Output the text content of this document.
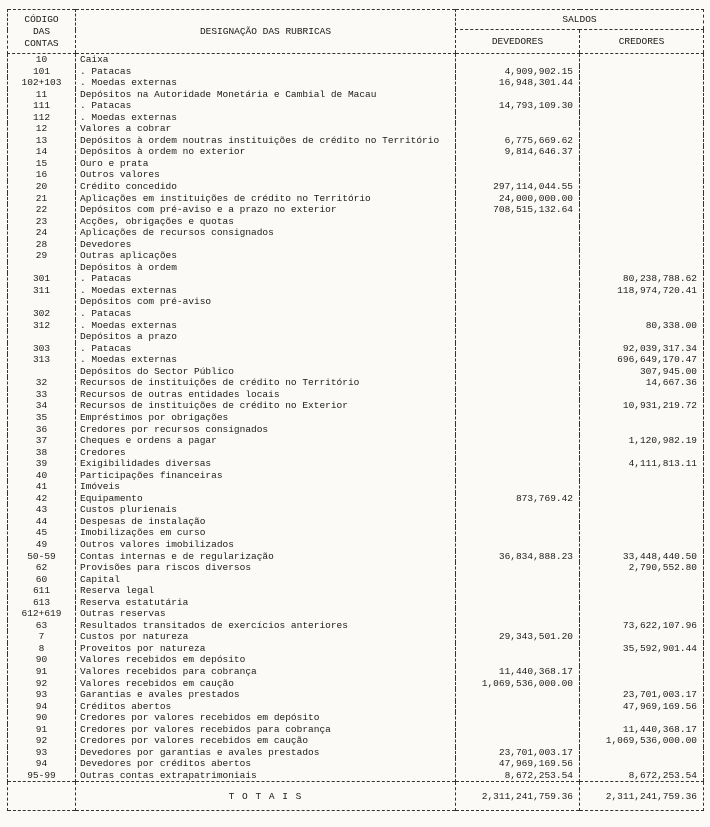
CÓDIGO
DAS
CONTAS	DESIGNAÇÃO DAS RUBRICAS	SALDOS	
		DEVEDORES	CREDORES
10	Caixa		
101	. Patacas	4,909,902.15	
102+103	. Moedas externas	16,948,301.44	
11	Depósitos na Autoridade Monetária e Cambial de Macau		
111	. Patacas	14,793,109.30	
112	. Moedas externas		
12	Valores a cobrar		
13	Depósitos à ordem noutras instituições de crédito no Território	6,775,669.62	
14	Depósitos à ordem no exterior	9,814,646.37	
15	Ouro e prata		
16	Outros valores		
20	Crédito concedido	297,114,044.55	
21	Aplicações em instituições de crédito no Território	24,000,000.00	
22	Depósitos com pré-aviso e a prazo no exterior	708,515,132.64	
23	Acções, obrigações e quotas		
24	Aplicações de recursos consignados		
28	Devedores		
29	Outras aplicações		
	Depósitos à ordem		
301	. Patacas		80,238,788.62
311	. Moedas externas		118,974,720.41
	Depósitos com pré-aviso		
302	. Patacas		
312	. Moedas externas		80,338.00
	Depósitos a prazo		
303	. Patacas		92,039,317.34
313	. Moedas externas		696,649,170.47
	Depósitos do Sector Público		307,945.00
32	Recursos de instituições de crédito no Território		14,667.36
33	Recursos de outras entidades locais		
34	Recursos de instituições de crédito no Exterior		10,931,219.72
35	Empréstimos por obrigações		
36	Credores por recursos consignados		
37	Cheques e ordens a pagar		1,120,982.19
38	Credores		
39	Exigibilidades diversas		4,111,813.11
40	Participações financeiras		
41	Imóveis		
42	Equipamento	873,769.42	
43	Custos plurienais		
44	Despesas de instalação		
45	Imobilizações em curso		
49	Outros valores imobilizados		
50-59	Contas internas e de regularização	36,834,888.23	33,448,440.50
62	Provisões para riscos diversos		2,790,552.80
60	Capital		
611	Reserva legal		
613	Reserva estatutária		
612+619	Outras reservas		
63	Resultados transitados de exercícios anteriores		73,622,107.96
7	Custos por natureza	29,343,501.20	
8	Proveitos por natureza		35,592,901.44
90	Valores recebidos em depósito		
91	Valores recebidos para cobrança	11,440,368.17	
92	Valores recebidos em caução	1,069,536,000.00	
93	Garantias e avales prestados		23,701,003.17
94	Créditos abertos		47,969,169.56
90	Credores por valores recebidos em depósito		
91	Credores por valores recebidos para cobrança		11,440,368.17
92	Credores por valores recebidos em caução		1,069,536,000.00
93	Devedores por garantias e avales prestados	23,701,003.17	
94	Devedores por créditos abertos	47,969,169.56	
95-99	Outras contas extrapatrimoniais	8,672,253.54	8,672,253.54
	T O T A I S	2,311,241,759.36	2,311,241,759.36
